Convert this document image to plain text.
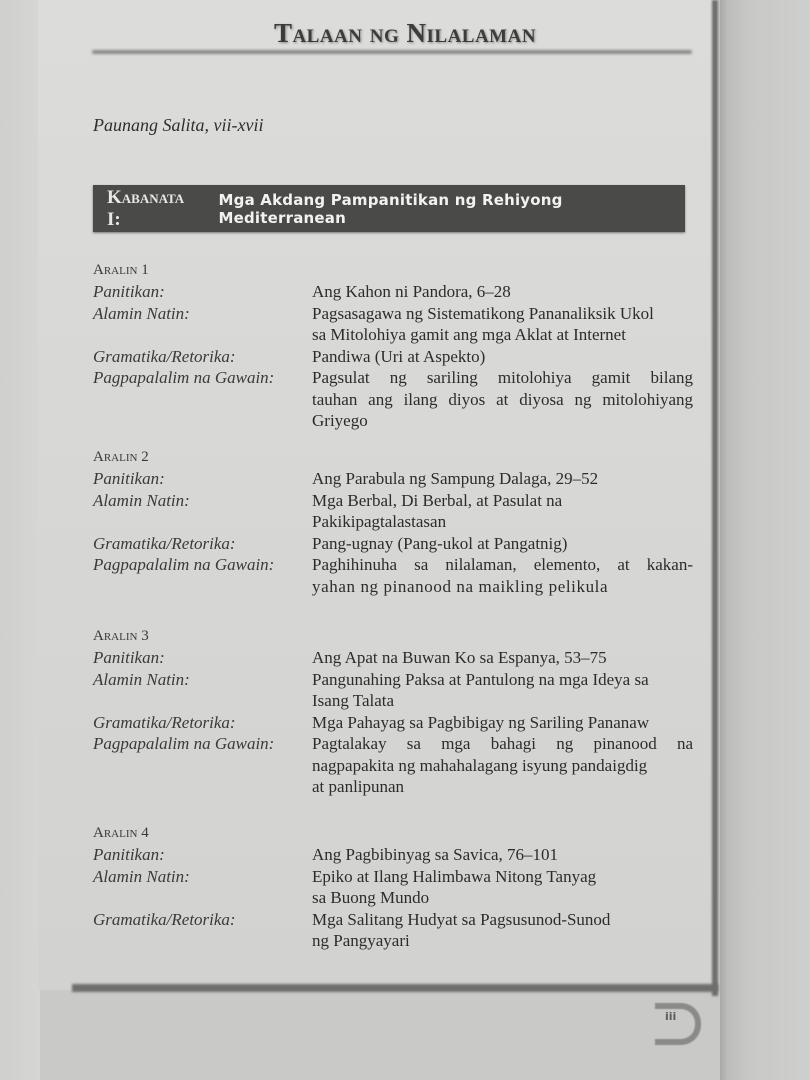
Talaan ng Nilalaman
Paunang Salita, vii-xvii
Kabanata I:
Mga Akdang Pampanitikan ng Rehiyong Mediterranean
Aralin 1
Panitikan:	Ang Kahon ni Pandora, 6–28
Alamin Natin:	Pagsasagawa ng Sistematikong Pananaliksik Ukol
sa Mitolohiya gamit ang mga Aklat at Internet
Gramatika/Retorika:	Pandiwa (Uri at Aspekto)
Pagpapalalim na Gawain:	Pagsulat ng sariling mitolohiya gamit bilang
tauhan ang ilang diyos at diyosa ng mitolohiyang
Griyego
Aralin 2
Panitikan:	Ang Parabula ng Sampung Dalaga, 29–52
Alamin Natin:	Mga Berbal, Di Berbal, at Pasulat na
Pakikipagtalastasan
Gramatika/Retorika:	Pang-ugnay (Pang-ukol at Pangatnig)
Pagpapalalim na Gawain:	Paghihinuha sa nilalaman, elemento, at kakan-
yahan ng pinanood na maikling pelikula
Aralin 3
Panitikan:	Ang Apat na Buwan Ko sa Espanya, 53–75
Alamin Natin:	Pangunahing Paksa at Pantulong na mga Ideya sa
Isang Talata
Gramatika/Retorika:	Mga Pahayag sa Pagbibigay ng Sariling Pananaw
Pagpapalalim na Gawain:	Pagtalakay sa mga bahagi ng pinanood na
nagpapakita ng mahahalagang isyung pandaigdig
at panlipunan
Aralin 4
Panitikan:	Ang Pagbibinyag sa Savica, 76–101
Alamin Natin:	Epiko at Ilang Halimbawa Nitong Tanyag
sa Buong Mundo
Gramatika/Retorika:	Mga Salitang Hudyat sa Pagsusunod-Sunod
ng Pangyayari
iii
